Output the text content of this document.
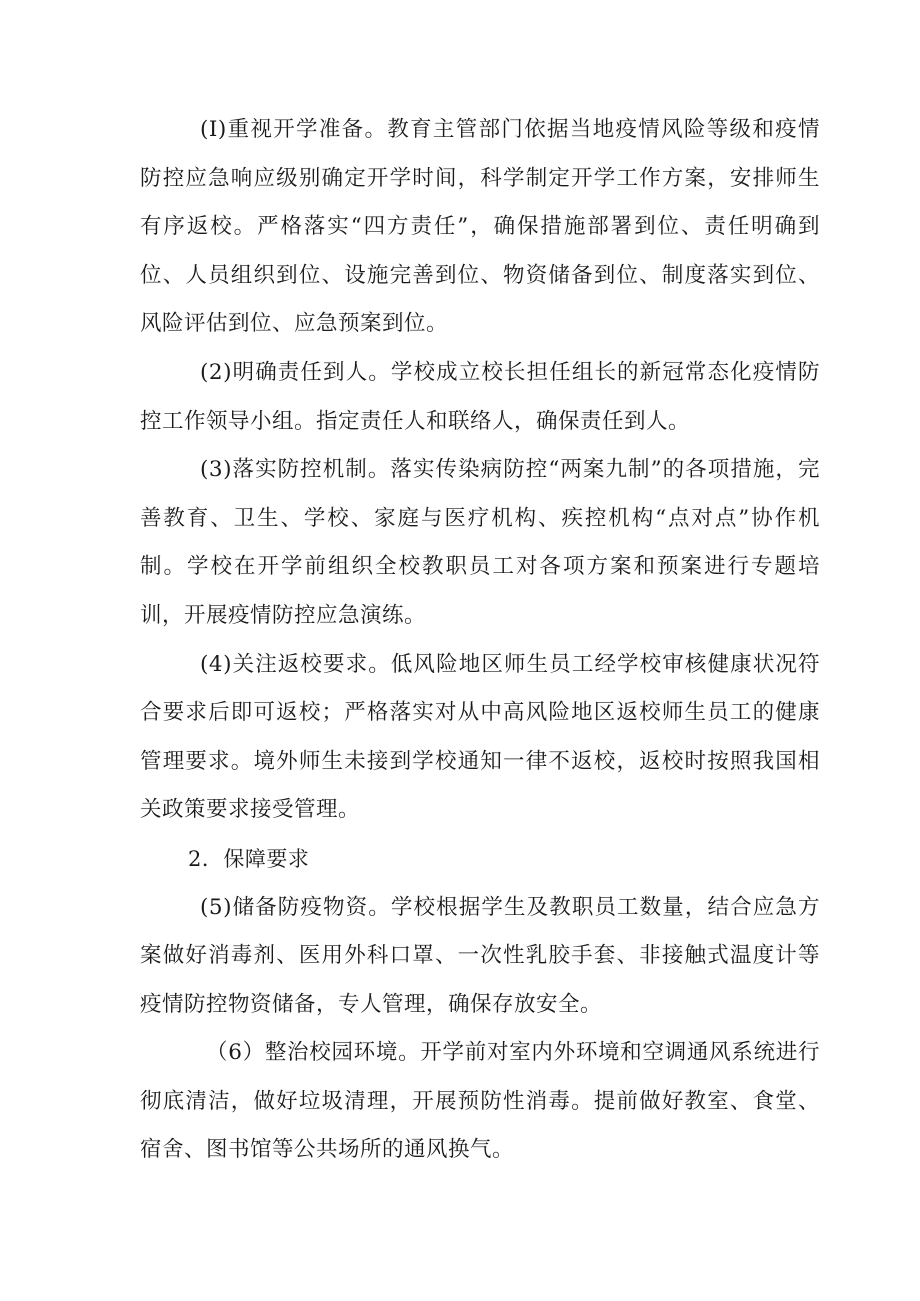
(I)重视开学准备。教育主管部门依据当地疫情风险等级和疫情防控应急响应级别确定开学时间，科学制定开学工作方案，安排师生有序返校。严格落实“四方责任”，确保措施部署到位、责任明确到位、人员组织到位、设施完善到位、物资储备到位、制度落实到位、风险评估到位、应急预案到位。

(2)明确责任到人。学校成立校长担任组长的新冠常态化疫情防控工作领导小组。指定责任人和联络人，确保责任到人。

(3)落实防控机制。落实传染病防控“两案九制”的各项措施，完善教育、卫生、学校、家庭与医疗机构、疾控机构“点对点”协作机制。学校在开学前组织全校教职员工对各项方案和预案进行专题培训，开展疫情防控应急演练。

(4)关注返校要求。低风险地区师生员工经学校审核健康状况符合要求后即可返校；严格落实对从中高风险地区返校师生员工的健康管理要求。境外师生未接到学校通知一律不返校，返校时按照我国相关政策要求接受管理。

2．保障要求

(5)储备防疫物资。学校根据学生及教职员工数量，结合应急方案做好消毒剂、医用外科口罩、一次性乳胶手套、非接触式温度计等疫情防控物资储备，专人管理，确保存放安全。

（6）整治校园环境。开学前对室内外环境和空调通风系统进行彻底清洁，做好垃圾清理，开展预防性消毒。提前做好教室、食堂、宿舍、图书馆等公共场所的通风换气。
